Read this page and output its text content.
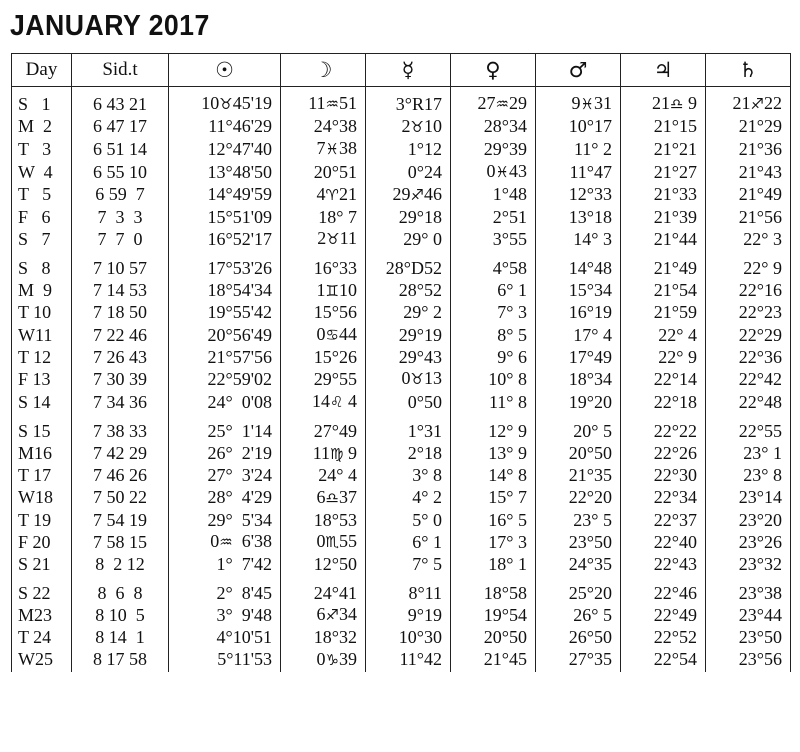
JANUARY 2017
Day	Sid.t	☉	☽	☿	♀	♂	♃	♄
S   1	6 43 21	10♉45'19	11♒51	3°R17	27♒29	9♓31	21♎ 9	21♐22
M  2	6 47 17	11°46'29	24°38	2♉10	28°34	10°17	21°15	21°29
T   3	6 51 14	12°47'40	7♓38	1°12	29°39	11° 2	21°21	21°36
W  4	6 55 10	13°48'50	20°51	0°24	0♓43	11°47	21°27	21°43
T   5	6 59  7	14°49'59	4♈21	29♐46	1°48	12°33	21°33	21°49
F   6	7  3  3	15°51'09	18° 7	29°18	2°51	13°18	21°39	21°56
S   7	7  7  0	16°52'17	2♉11	29° 0	3°55	14° 3	21°44	22° 3
S   8	7 10 57	17°53'26	16°33	28°D52	4°58	14°48	21°49	22° 9
M  9	7 14 53	18°54'34	1♊10	28°52	6° 1	15°34	21°54	22°16
T 10	7 18 50	19°55'42	15°56	29° 2	7° 3	16°19	21°59	22°23
W11	7 22 46	20°56'49	0♋44	29°19	8° 5	17° 4	22° 4	22°29
T 12	7 26 43	21°57'56	15°26	29°43	9° 6	17°49	22° 9	22°36
F 13	7 30 39	22°59'02	29°55	0♉13	10° 8	18°34	22°14	22°42
S 14	7 34 36	24°  0'08	14♌ 4	0°50	11° 8	19°20	22°18	22°48
S 15	7 38 33	25°  1'14	27°49	1°31	12° 9	20° 5	22°22	22°55
M16	7 42 29	26°  2'19	11♍ 9	2°18	13° 9	20°50	22°26	23° 1
T 17	7 46 26	27°  3'24	24° 4	3° 8	14° 8	21°35	22°30	23° 8
W18	7 50 22	28°  4'29	6♎37	4° 2	15° 7	22°20	22°34	23°14
T 19	7 54 19	29°  5'34	18°53	5° 0	16° 5	23° 5	22°37	23°20
F 20	7 58 15	0♒  6'38	0♏55	6° 1	17° 3	23°50	22°40	23°26
S 21	8  2 12	1°  7'42	12°50	7° 5	18° 1	24°35	22°43	23°32
S 22	8  6  8	2°  8'45	24°41	8°11	18°58	25°20	22°46	23°38
M23	8 10  5	3°  9'48	6♐34	9°19	19°54	26° 5	22°49	23°44
T 24	8 14  1	4°10'51	18°32	10°30	20°50	26°50	22°52	23°50
W25	8 17 58	5°11'53	0♑39	11°42	21°45	27°35	22°54	23°56
